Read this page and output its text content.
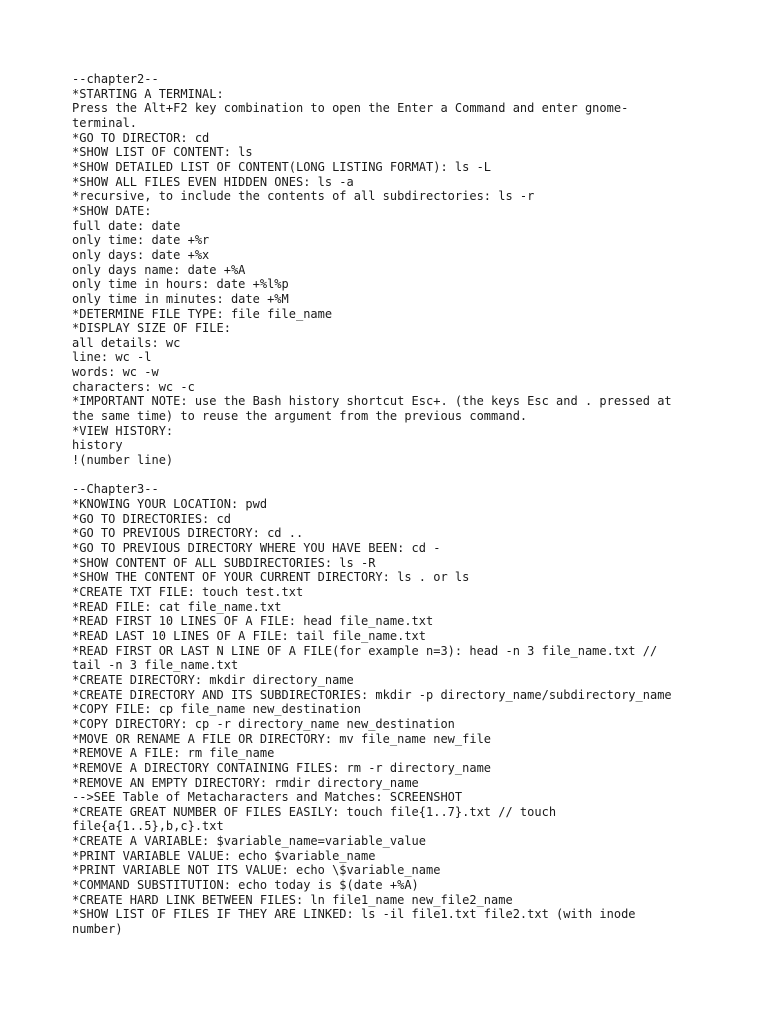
--chapter2--
*STARTING A TERMINAL:
Press the Alt+F2 key combination to open the Enter a Command and enter gnome-
terminal.
*GO TO DIRECTOR: cd
*SHOW LIST OF CONTENT: ls
*SHOW DETAILED LIST OF CONTENT(LONG LISTING FORMAT): ls -L
*SHOW ALL FILES EVEN HIDDEN ONES: ls -a
*recursive, to include the contents of all subdirectories: ls -r
*SHOW DATE:
full date: date
only time: date +%r
only days: date +%x
only days name: date +%A
only time in hours: date +%l%p
only time in minutes: date +%M
*DETERMINE FILE TYPE: file file_name
*DISPLAY SIZE OF FILE:
all details: wc
line: wc -l
words: wc -w
characters: wc -c
*IMPORTANT NOTE: use the Bash history shortcut Esc+. (the keys Esc and . pressed at
the same time) to reuse the argument from the previous command.
*VIEW HISTORY:
history
!(number line)
--Chapter3--
*KNOWING YOUR LOCATION: pwd
*GO TO DIRECTORIES: cd
*GO TO PREVIOUS DIRECTORY: cd ..
*GO TO PREVIOUS DIRECTORY WHERE YOU HAVE BEEN: cd -
*SHOW CONTENT OF ALL SUBDIRECTORIES: ls -R
*SHOW THE CONTENT OF YOUR CURRENT DIRECTORY: ls . or ls
*CREATE TXT FILE: touch test.txt
*READ FILE: cat file_name.txt
*READ FIRST 10 LINES OF A FILE: head file_name.txt
*READ LAST 10 LINES OF A FILE: tail file_name.txt
*READ FIRST OR LAST N LINE OF A FILE(for example n=3): head -n 3 file_name.txt //
tail -n 3 file_name.txt
*CREATE DIRECTORY: mkdir directory_name
*CREATE DIRECTORY AND ITS SUBDIRECTORIES: mkdir -p directory_name/subdirectory_name
*COPY FILE: cp file_name new_destination
*COPY DIRECTORY: cp -r directory_name new_destination
*MOVE OR RENAME A FILE OR DIRECTORY: mv file_name new_file
*REMOVE A FILE: rm file_name
*REMOVE A DIRECTORY CONTAINING FILES: rm -r directory_name
*REMOVE AN EMPTY DIRECTORY: rmdir directory_name
-->SEE Table of Metacharacters and Matches: SCREENSHOT
*CREATE GREAT NUMBER OF FILES EASILY: touch file{1..7}.txt // touch
file{a{1..5},b,c}.txt
*CREATE A VARIABLE: $variable_name=variable_value
*PRINT VARIABLE VALUE: echo $variable_name
*PRINT VARIABLE NOT ITS VALUE: echo \$variable_name
*COMMAND SUBSTITUTION: echo today is $(date +%A)
*CREATE HARD LINK BETWEEN FILES: ln file1_name new_file2_name
*SHOW LIST OF FILES IF THEY ARE LINKED: ls -il file1.txt file2.txt (with inode
number)
